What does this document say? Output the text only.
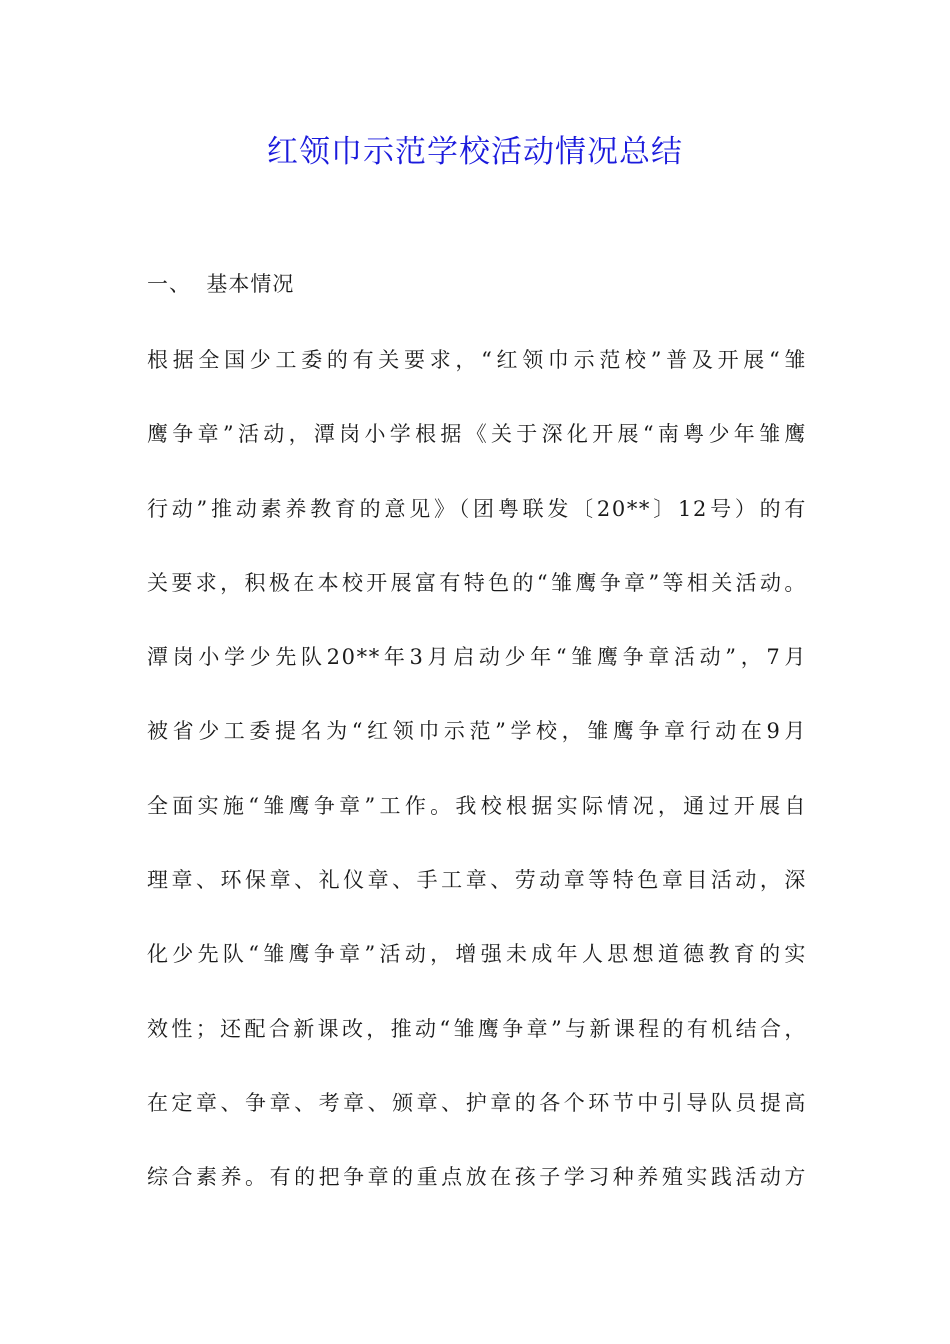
红领巾示范学校活动情况总结
一、  基本情况
根据全国少工委的有关要求，“红领巾示范校”普及开展“雏
鹰争章”活动，潭岗小学根据《关于深化开展“南粤少年雏鹰
行动”推动素养教育的意见》（团粤联发〔20**〕12号）的有
关要求，积极在本校开展富有特色的“雏鹰争章”等相关活动。
潭岗小学少先队20**年3月启动少年“雏鹰争章活动”，7月
被省少工委提名为“红领巾示范”学校，雏鹰争章行动在9月
全面实施“雏鹰争章”工作。我校根据实际情况，通过开展自
理章、环保章、礼仪章、手工章、劳动章等特色章目活动，深
化少先队“雏鹰争章”活动，增强未成年人思想道德教育的实
效性；还配合新课改，推动“雏鹰争章”与新课程的有机结合，
在定章、争章、考章、颁章、护章的各个环节中引导队员提高
综合素养。有的把争章的重点放在孩子学习种养殖实践活动方
